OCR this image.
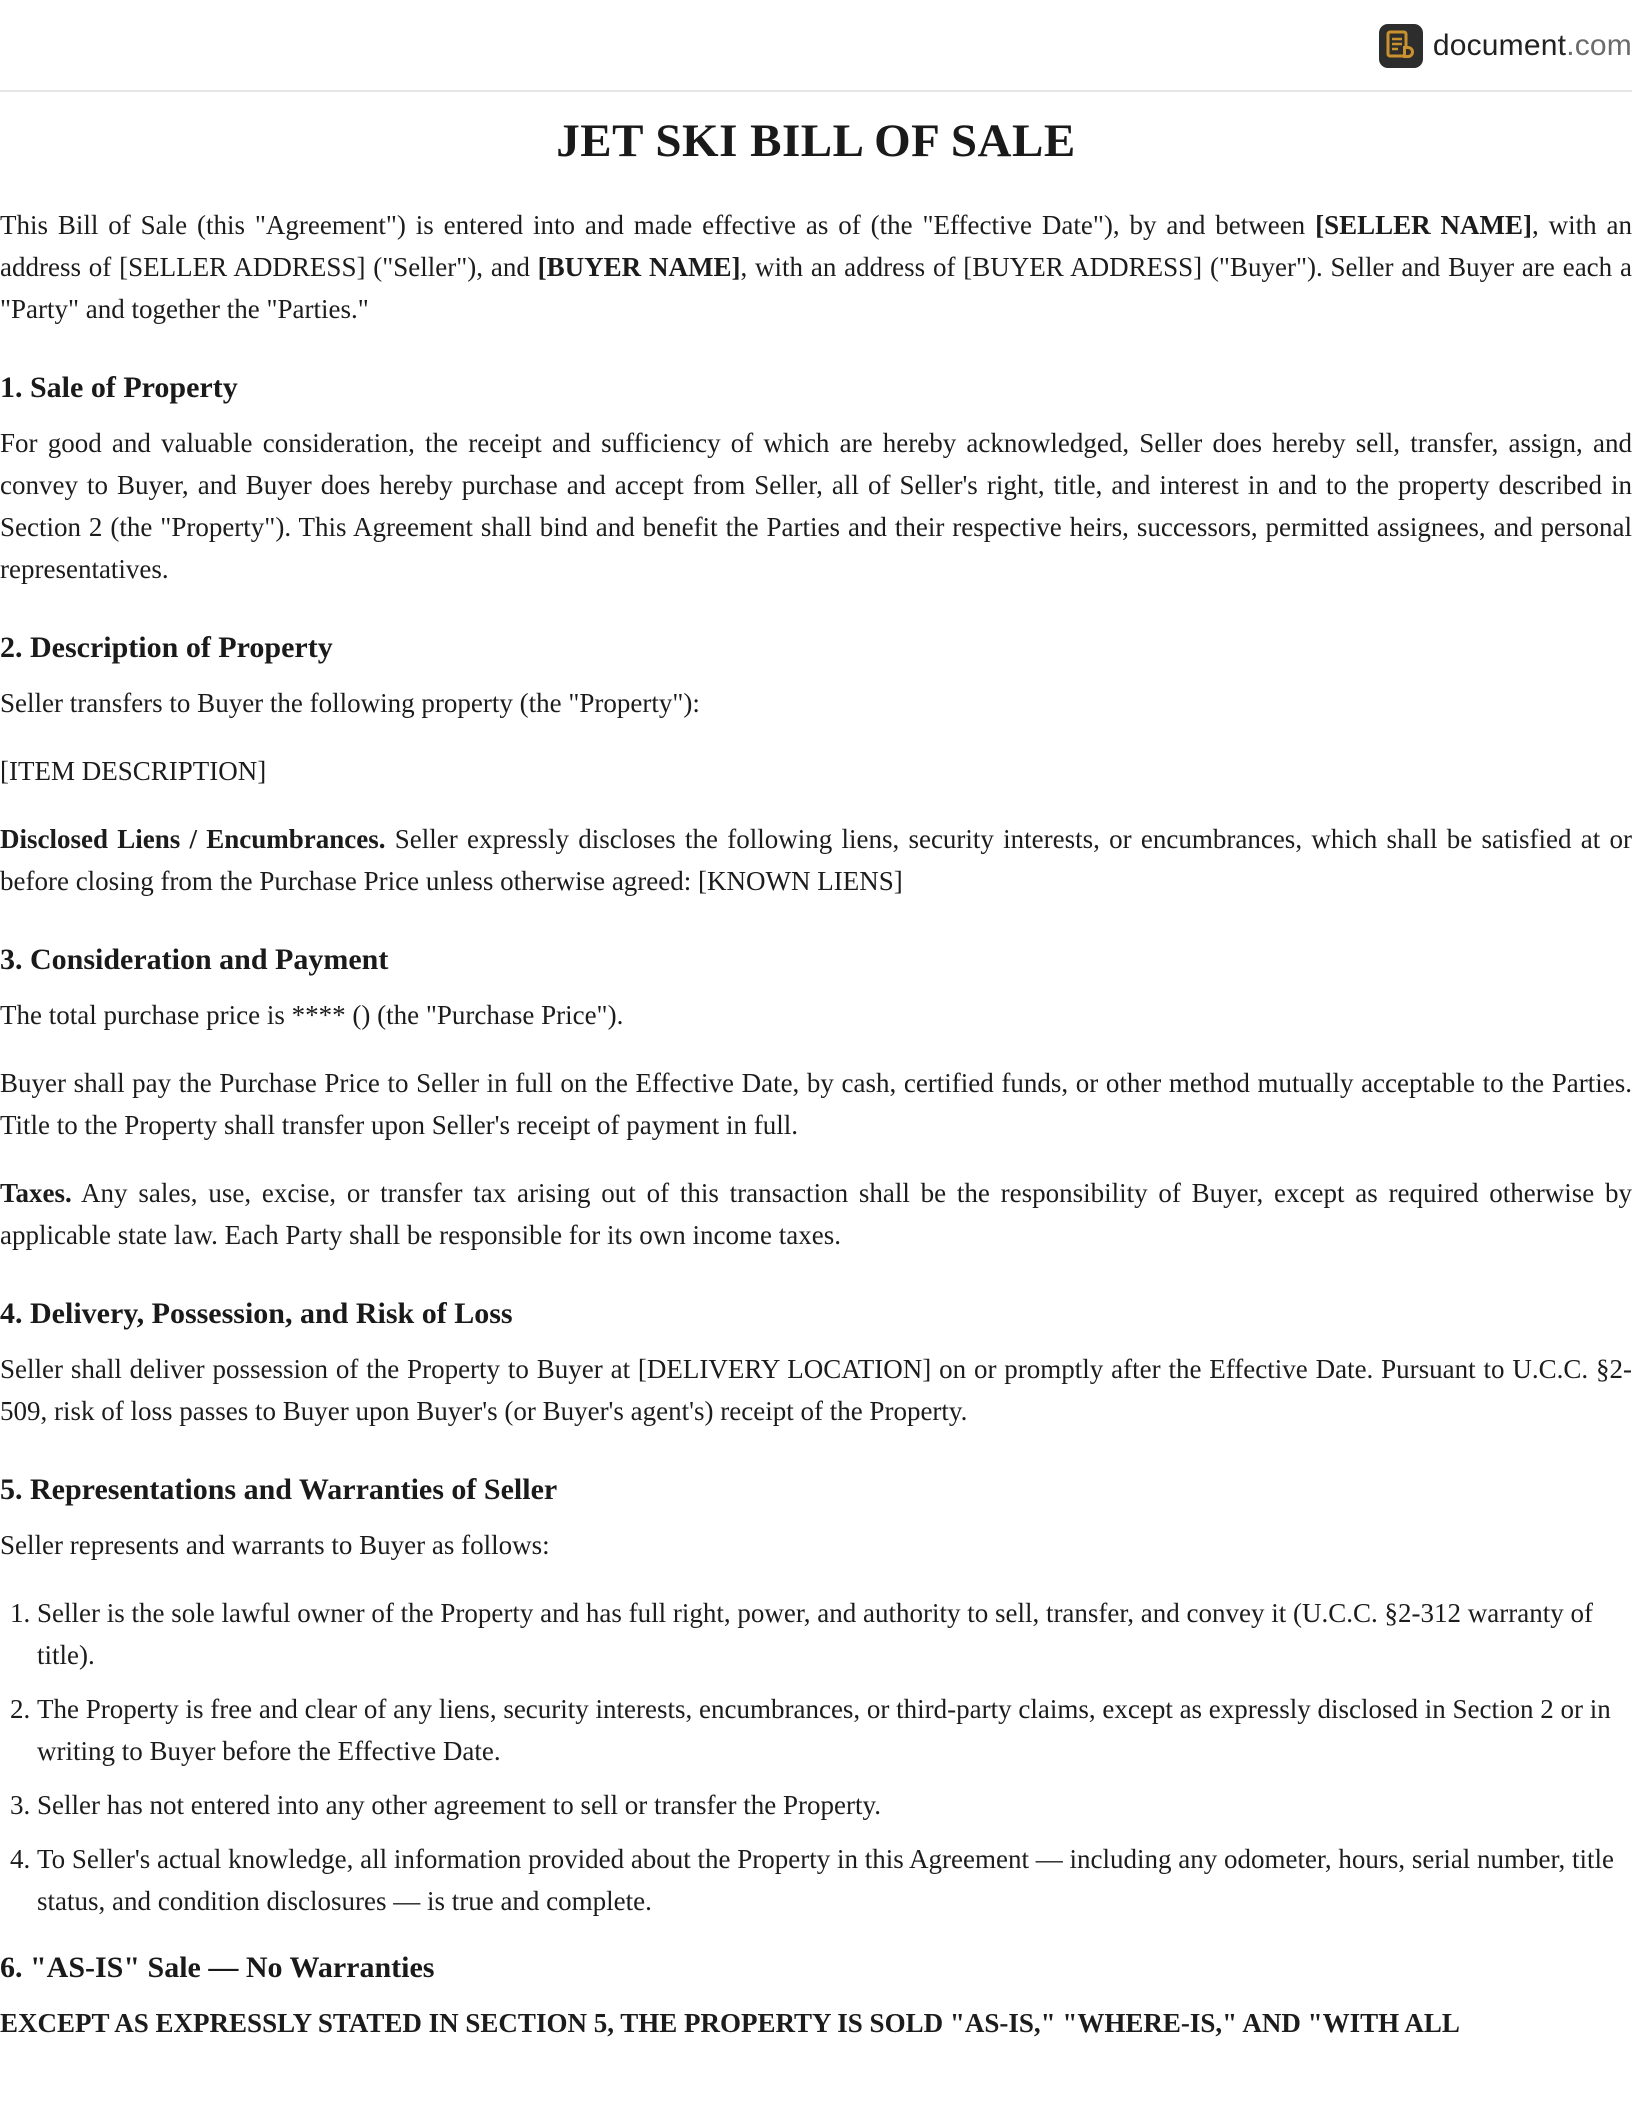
document.com
JET SKI BILL OF SALE

This Bill of Sale (this "Agreement") is entered into and made effective as of (the "Effective Date"), by and between [SELLER NAME], with an address of [SELLER ADDRESS] ("Seller"), and [BUYER NAME], with an address of [BUYER ADDRESS] ("Buyer"). Seller and Buyer are each a "Party" and together the "Parties."

1. Sale of Property

For good and valuable consideration, the receipt and sufficiency of which are hereby acknowledged, Seller does hereby sell, transfer, assign, and convey to Buyer, and Buyer does hereby purchase and accept from Seller, all of Seller's right, title, and interest in and to the property described in Section 2 (the "Property"). This Agreement shall bind and benefit the Parties and their respective heirs, successors, permitted assignees, and personal representatives.

2. Description of Property

Seller transfers to Buyer the following property (the "Property"):

[ITEM DESCRIPTION]

Disclosed Liens / Encumbrances. Seller expressly discloses the following liens, security interests, or encumbrances, which shall be satisfied at or before closing from the Purchase Price unless otherwise agreed: [KNOWN LIENS]

3. Consideration and Payment

The total purchase price is **** () (the "Purchase Price").

Buyer shall pay the Purchase Price to Seller in full on the Effective Date, by cash, certified funds, or other method mutually acceptable to the Parties. Title to the Property shall transfer upon Seller's receipt of payment in full.

Taxes. Any sales, use, excise, or transfer tax arising out of this transaction shall be the responsibility of Buyer, except as required otherwise by applicable state law. Each Party shall be responsible for its own income taxes.

4. Delivery, Possession, and Risk of Loss

Seller shall deliver possession of the Property to Buyer at [DELIVERY LOCATION] on or promptly after the Effective Date. Pursuant to U.C.C. §2-509, risk of loss passes to Buyer upon Buyer's (or Buyer's agent's) receipt of the Property.

5. Representations and Warranties of Seller

Seller represents and warrants to Buyer as follows:

1. Seller is the sole lawful owner of the Property and has full right, power, and authority to sell, transfer, and convey it (U.C.C. §2-312 warranty of title).
2. The Property is free and clear of any liens, security interests, encumbrances, or third-party claims, except as expressly disclosed in Section 2 or in writing to Buyer before the Effective Date.
3. Seller has not entered into any other agreement to sell or transfer the Property.
4. To Seller's actual knowledge, all information provided about the Property in this Agreement — including any odometer, hours, serial number, title status, and condition disclosures — is true and complete.
6. "AS-IS" Sale — No Warranties

EXCEPT AS EXPRESSLY STATED IN SECTION 5, THE PROPERTY IS SOLD "AS-IS," "WHERE-IS," AND "WITH ALL
